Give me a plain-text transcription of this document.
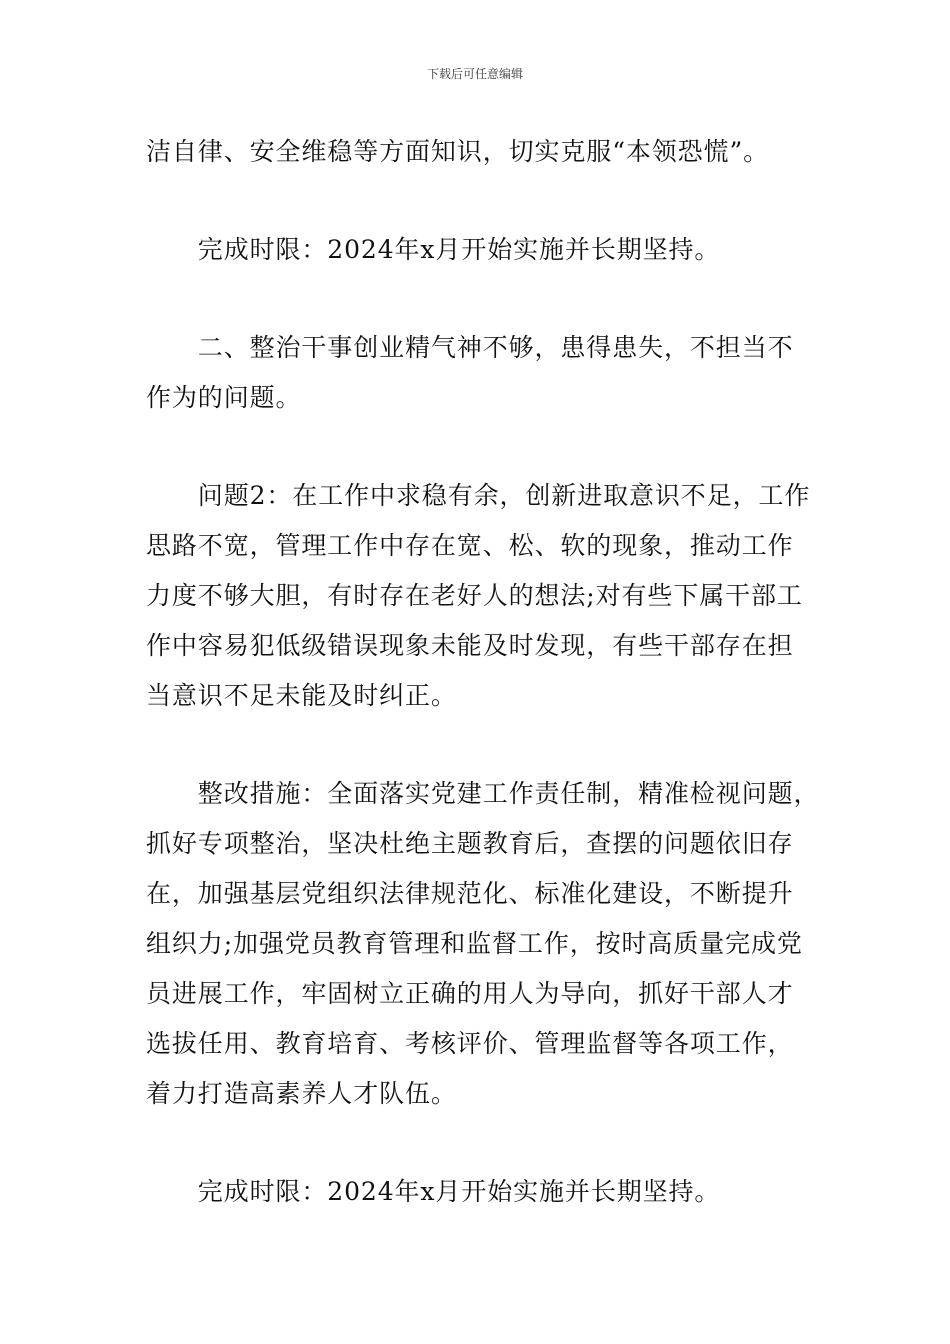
下载后可任意编辑

洁自律、安全维稳等方面知识，切实克服“本领恐慌”。

　　完成时限：2024年x月开始实施并长期坚持。

　　二、整治干事创业精气神不够，患得患失，不担当不
作为的问题。

　　问题2：在工作中求稳有余，创新进取意识不足，工作
思路不宽，管理工作中存在宽、松、软的现象，推动工作
力度不够大胆，有时存在老好人的想法;对有些下属干部工
作中容易犯低级错误现象未能及时发现，有些干部存在担
当意识不足未能及时纠正。

　　整改措施：全面落实党建工作责任制，精准检视问题，
抓好专项整治，坚决杜绝主题教育后，查摆的问题依旧存
在，加强基层党组织法律规范化、标准化建设，不断提升
组织力;加强党员教育管理和监督工作，按时高质量完成党
员进展工作，牢固树立正确的用人为导向，抓好干部人才
选拔任用、教育培育、考核评价、管理监督等各项工作，
着力打造高素养人才队伍。

　　完成时限：2024年x月开始实施并长期坚持。
